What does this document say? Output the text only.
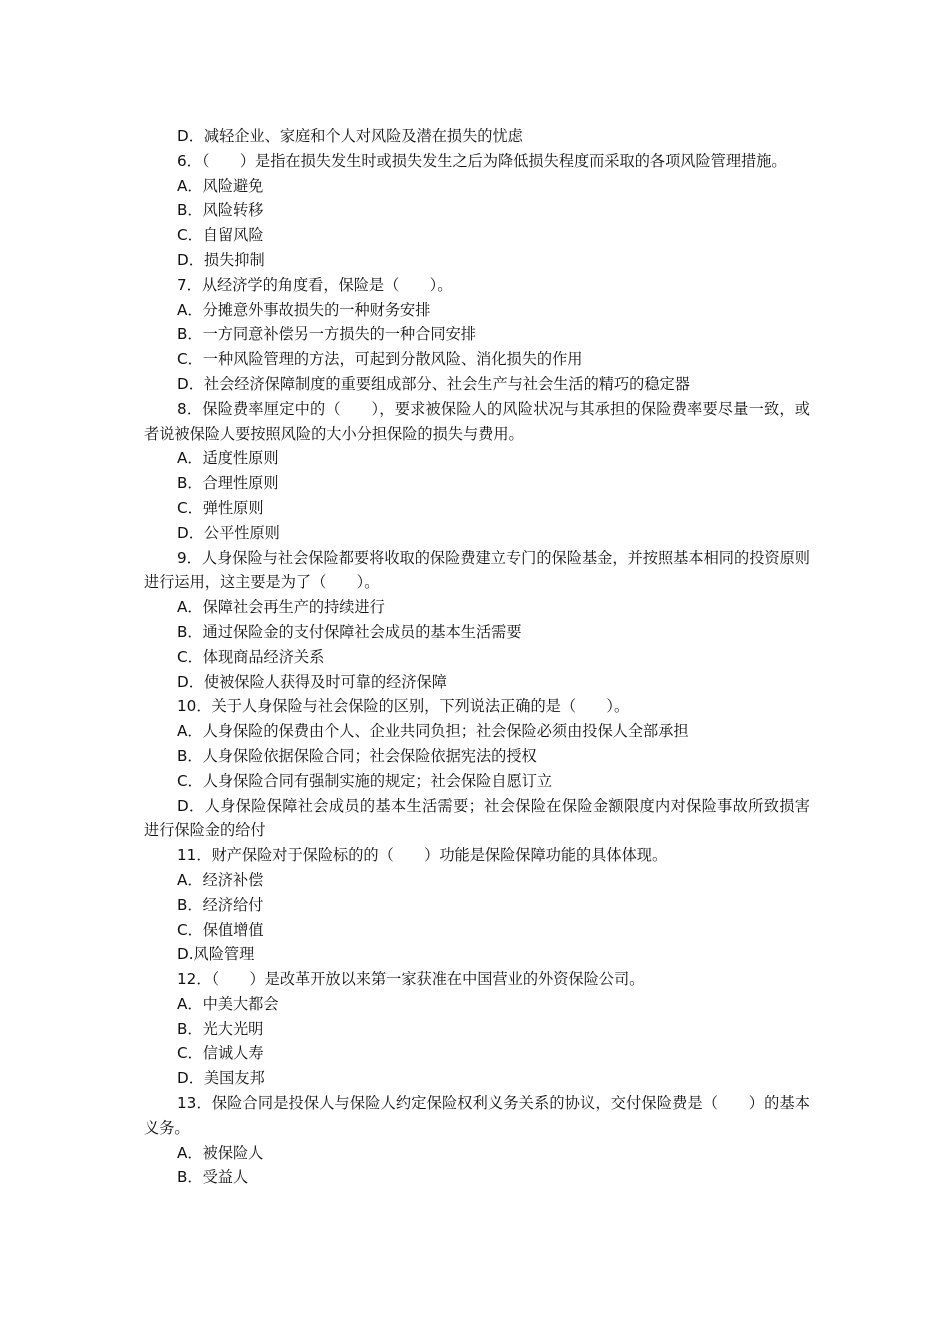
D．减轻企业、家庭和个人对风险及潜在损失的忧虑
6．（　　）是指在损失发生时或损失发生之后为降低损失程度而采取的各项风险管理措施。
A．风险避免
B．风险转移
C．自留风险
D．损失抑制
7．从经济学的角度看，保险是（　　）。
A．分摊意外事故损失的一种财务安排
B．一方同意补偿另一方损失的一种合同安排
C．一种风险管理的方法，可起到分散风险、消化损失的作用
D．社会经济保障制度的重要组成部分、社会生产与社会生活的精巧的稳定器
8．保险费率厘定中的（　　），要求被保险人的风险状况与其承担的保险费率要尽量一致，或者说被保险人要按照风险的大小分担保险的损失与费用。
A．适度性原则
B．合理性原则
C．弹性原则
D．公平性原则
9．人身保险与社会保险都要将收取的保险费建立专门的保险基金，并按照基本相同的投资原则进行运用，这主要是为了（　　）。
A．保障社会再生产的持续进行
B．通过保险金的支付保障社会成员的基本生活需要
C．体现商品经济关系
D．使被保险人获得及时可靠的经济保障
10．关于人身保险与社会保险的区别，下列说法正确的是（　　）。
A．人身保险的保费由个人、企业共同负担；社会保险必须由投保人全部承担
B．人身保险依据保险合同；社会保险依据宪法的授权
C．人身保险合同有强制实施的规定；社会保险自愿订立
D．人身保险保障社会成员的基本生活需要；社会保险在保险金额限度内对保险事故所致损害进行保险金的给付
11．财产保险对于保险标的的（　　）功能是保险保障功能的具体体现。
A．经济补偿
B．经济给付
C．保值增值
D.风险管理
12．（　　）是改革开放以来第一家获准在中国营业的外资保险公司。
A．中美大都会
B．光大光明
C．信诚人寿
D．美国友邦
13．保险合同是投保人与保险人约定保险权利义务关系的协议，交付保险费是（　　）的基本义务。
A．被保险人
B．受益人
